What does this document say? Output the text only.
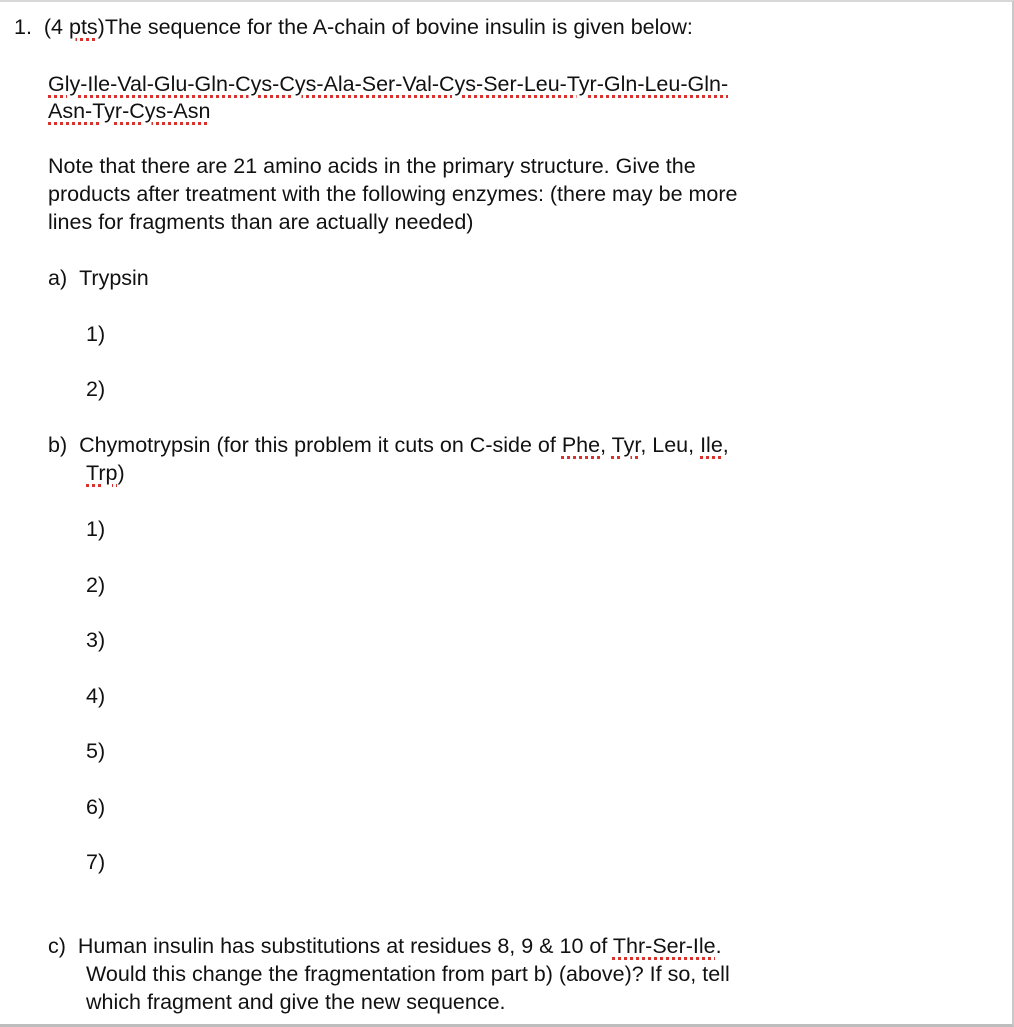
1. (4 pts)The sequence for the A-chain of bovine insulin is given below:
Gly-Ile-Val-Glu-Gln-Cys-Cys-Ala-Ser-Val-Cys-Ser-Leu-Tyr-Gln-Leu-Gln-
Asn-Tyr-Cys-Asn
Note that there are 21 amino acids in the primary structure. Give the
products after treatment with the following enzymes: (there may be more
lines for fragments than are actually needed)
a) Trypsin
1)
2)
b) Chymotrypsin (for this problem it cuts on C-side of Phe, Tyr, Leu, Ile,
Trp)
1)
2)
3)
4)
5)
6)
7)
c) Human insulin has substitutions at residues 8, 9 & 10 of Thr-Ser-Ile.
Would this change the fragmentation from part b) (above)? If so, tell
which fragment and give the new sequence.
